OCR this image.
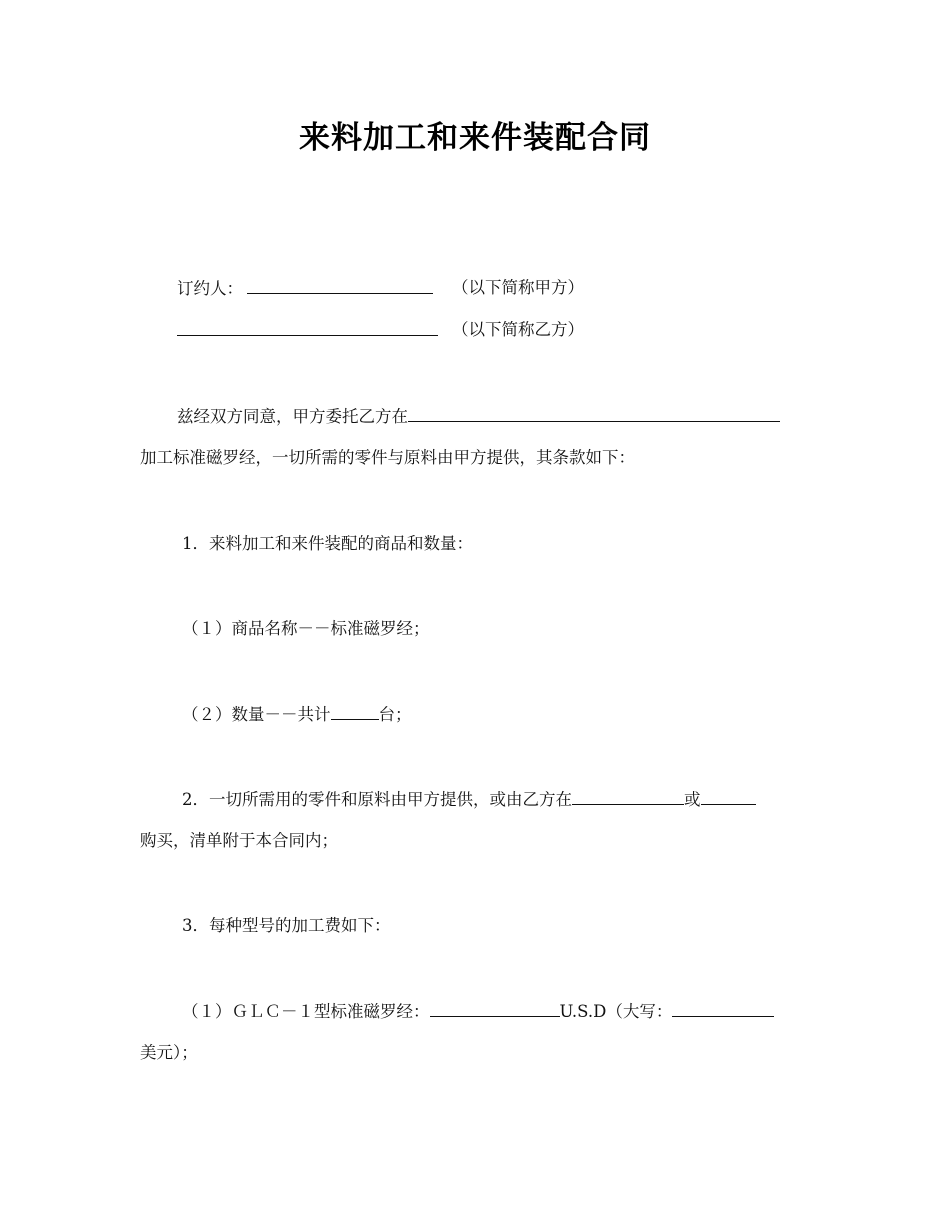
来料加工和来件装配合同
订约人：	（以下简称甲方）
（以下简称乙方）
兹经双方同意，甲方委托乙方在
加工标准磁罗经，一切所需的零件与原料由甲方提供，其条款如下：
1．来料加工和来件装配的商品和数量：
（１）商品名称－－标准磁罗经；
（２）数量－－共计	台；
2．一切所需用的零件和原料由甲方提供，或由乙方在	或
购买，清单附于本合同内；
3．每种型号的加工费如下：
（１）ＧＬＣ－１型标准磁罗经：	U.S.D（大写：
美元）；
